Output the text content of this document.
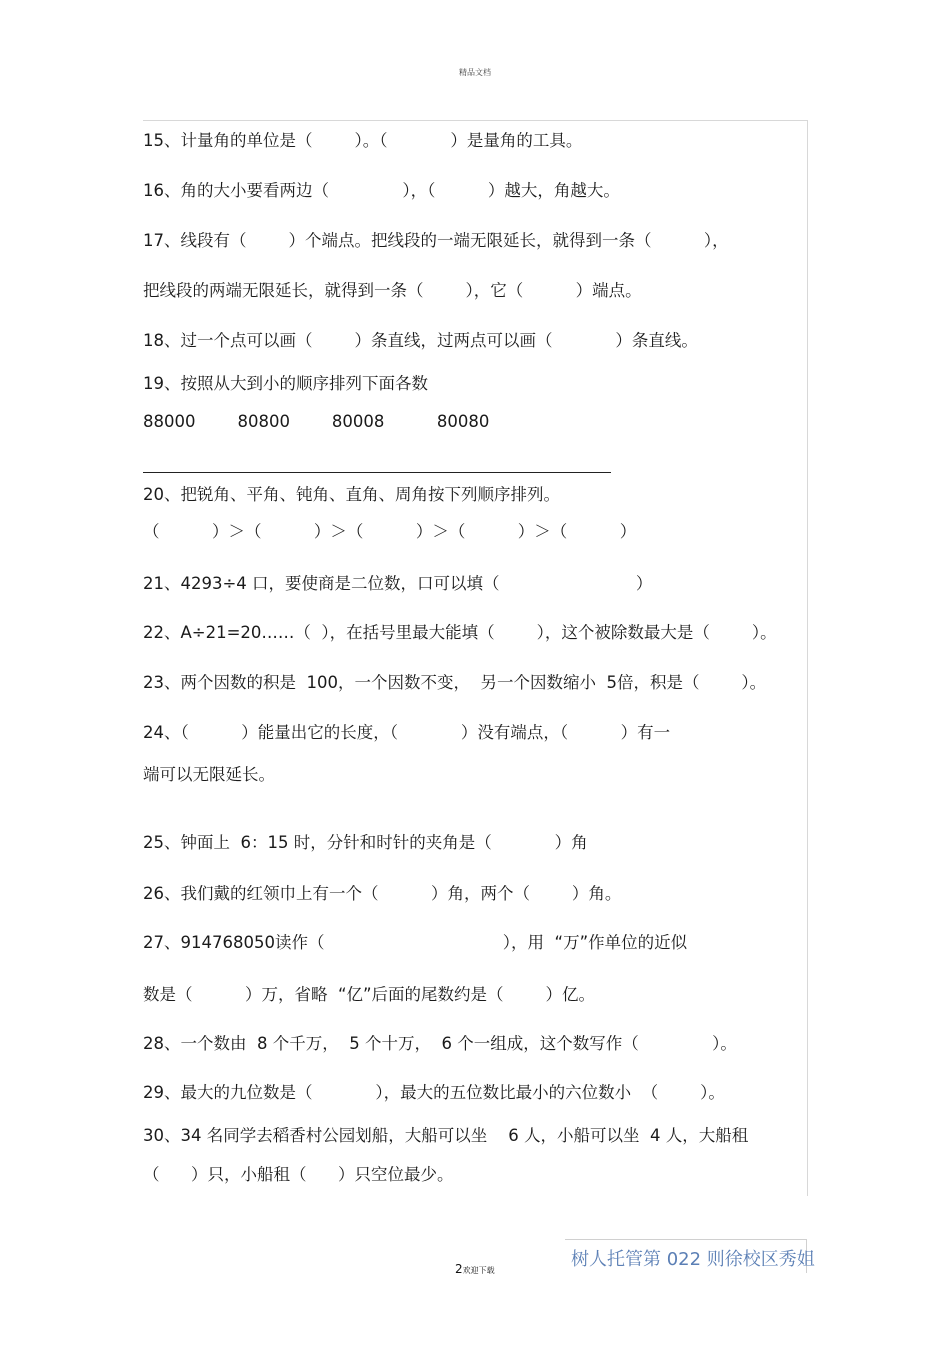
精品文档
15、计量角的单位是（        ）。（            ）是量角的工具。
16、角的大小要看两边（              ），（          ）越大，角越大。
17、线段有（        ）个端点。把线段的一端无限延长，就得到一条（          ），
把线段的两端无限延长，就得到一条（        ），它（          ）端点。
18、过一个点可以画（        ）条直线，过两点可以画（            ）条直线。
19、按照从大到小的顺序排列下面各数
88000        80800        80008          80080
20、把锐角、平角、钝角、直角、周角按下列顺序排列。
（          ）＞（          ）＞（          ）＞（          ）＞（          ）
21、4293÷4 口，要使商是二位数，口可以填（                          ）
22、A÷21=20……（  ），在括号里最大能填（        ），这个被除数最大是（        ）。
23、两个因数的积是  100，一个因数不变，  另一个因数缩小  5倍，积是（        ）。
24、（          ）能量出它的长度，（            ）没有端点，（          ）有一
端可以无限延长。
25、钟面上  6：15 时，分针和时针的夹角是（            ）角
26、我们戴的红领巾上有一个（          ）角，两个（        ）角。
27、914768050读作（                                  ），用  “万”作单位的近似
数是（          ）万，省略  “亿”后面的尾数约是（        ）亿。
28、一个数由  8 个千万，  5 个十万，  6 个一组成，这个数写作（              ）。
29、最大的九位数是（            ），最大的五位数比最小的六位数小  （        ）。
30、34 名同学去稻香村公园划船，大船可以坐    6 人，小船可以坐  4 人，大船租
（      ）只，小船租（      ）只空位最少。
2欢迎下载
树人托管第 022 则徐校区秀姐
